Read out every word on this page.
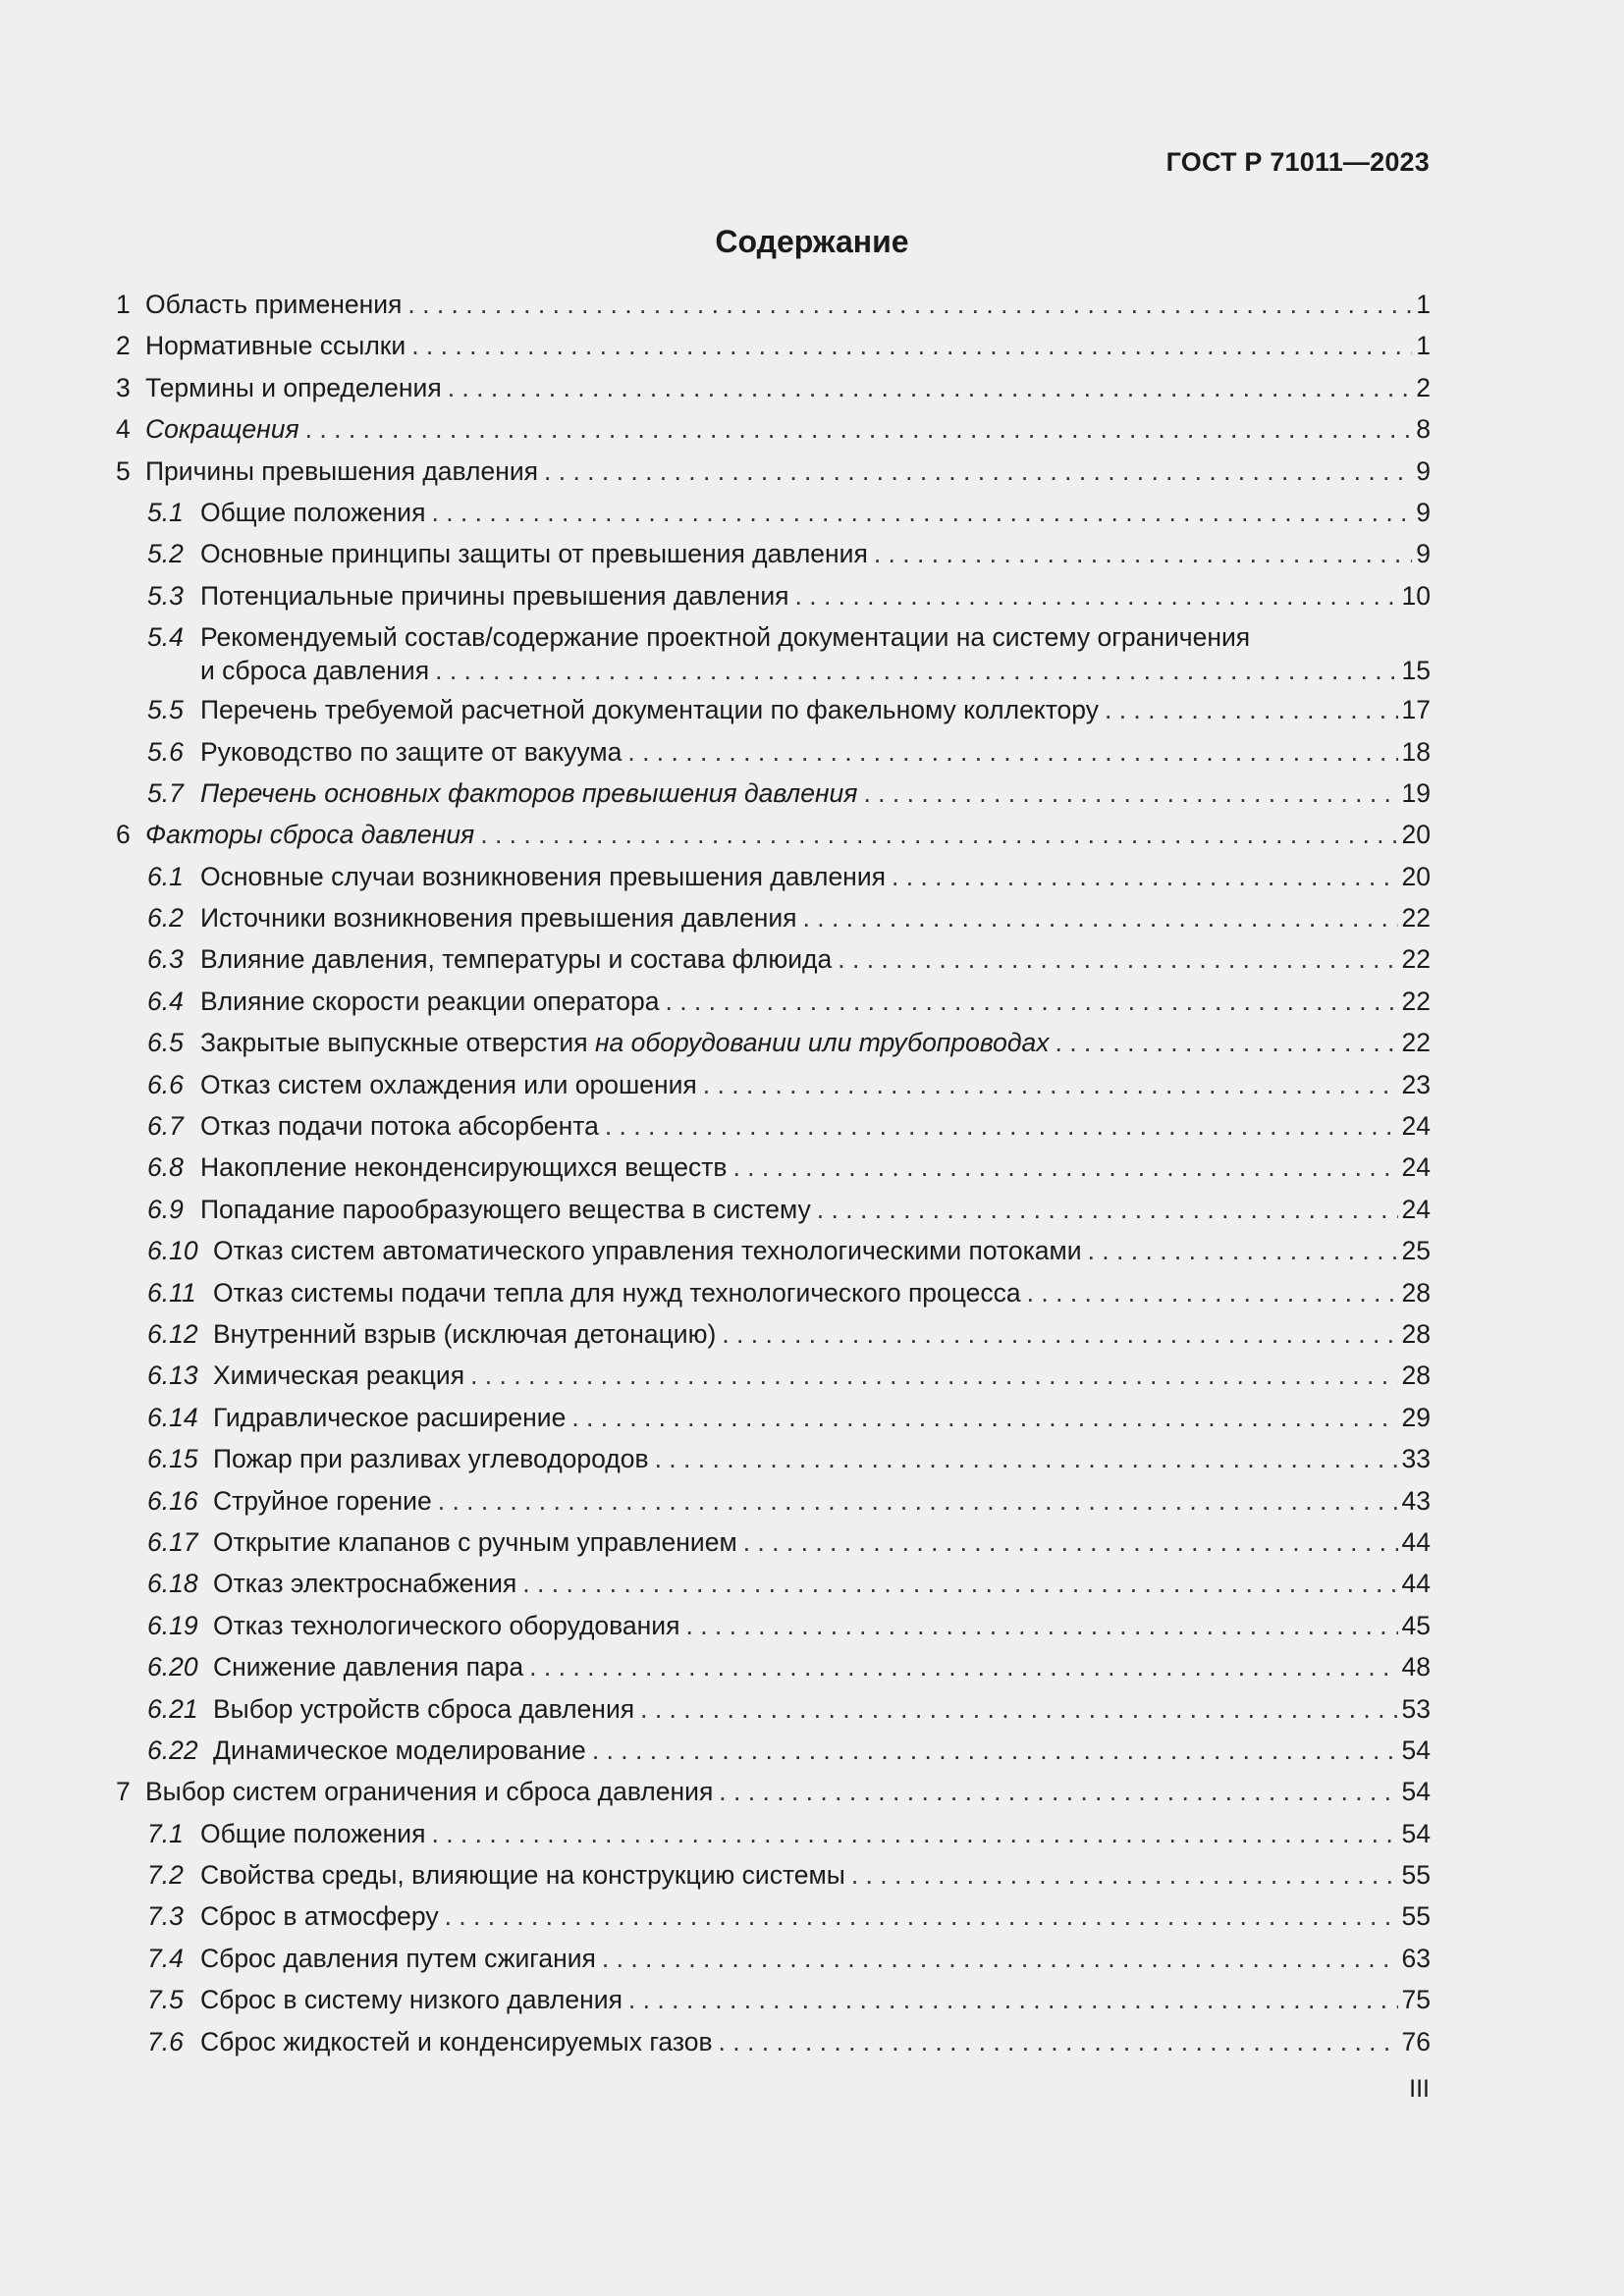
ГОСТ Р 71011—2023
Содержание
1 Область применения . . .	1
2 Нормативные ссылки . . .	1
3 Термины и определения . . .	2
4 Сокращения . . .	8
5 Причины превышения давления . . .	9
5.1 Общие положения . . .	9
5.2 Основные принципы защиты от превышения давления . . .	9
5.3 Потенциальные причины превышения давления . . .	10
5.4 Рекомендуемый состав/содержание проектной документации на систему ограничения
и сброса давления . . .	15
5.5 Перечень требуемой расчетной документации по факельному коллектору . . .	17
5.6 Руководство по защите от вакуума . . .	18
5.7 Перечень основных факторов превышения давления . . .	19
6 Факторы сброса давления . . .	20
6.1 Основные случаи возникновения превышения давления . . .	20
6.2 Источники возникновения превышения давления . . .	22
6.3 Влияние давления, температуры и состава флюида . . .	22
6.4 Влияние скорости реакции оператора . . .	22
6.5 Закрытые выпускные отверстия на оборудовании или трубопроводах . . .	22
6.6 Отказ систем охлаждения или орошения . . .	23
6.7 Отказ подачи потока абсорбента . . .	24
6.8 Накопление неконденсирующихся веществ . . .	24
6.9 Попадание парообразующего вещества в систему . . .	24
6.10 Отказ систем автоматического управления технологическими потоками . . .	25
6.11 Отказ системы подачи тепла для нужд технологического процесса . . .	28
6.12 Внутренний взрыв (исключая детонацию) . . .	28
6.13 Химическая реакция . . .	28
6.14 Гидравлическое расширение . . .	29
6.15 Пожар при разливах углеводородов . . .	33
6.16 Струйное горение . . .	43
6.17 Открытие клапанов с ручным управлением . . .	44
6.18 Отказ электроснабжения . . .	44
6.19 Отказ технологического оборудования . . .	45
6.20 Снижение давления пара . . .	48
6.21 Выбор устройств сброса давления . . .	53
6.22 Динамическое моделирование . . .	54
7 Выбор систем ограничения и сброса давления . . .	54
7.1 Общие положения . . .	54
7.2 Свойства среды, влияющие на конструкцию системы . . .	55
7.3 Сброс в атмосферу . . .	55
7.4 Сброс давления путем сжигания . . .	63
7.5 Сброс в систему низкого давления . . .	75
7.6 Сброс жидкостей и конденсируемых газов . . .	76
III
